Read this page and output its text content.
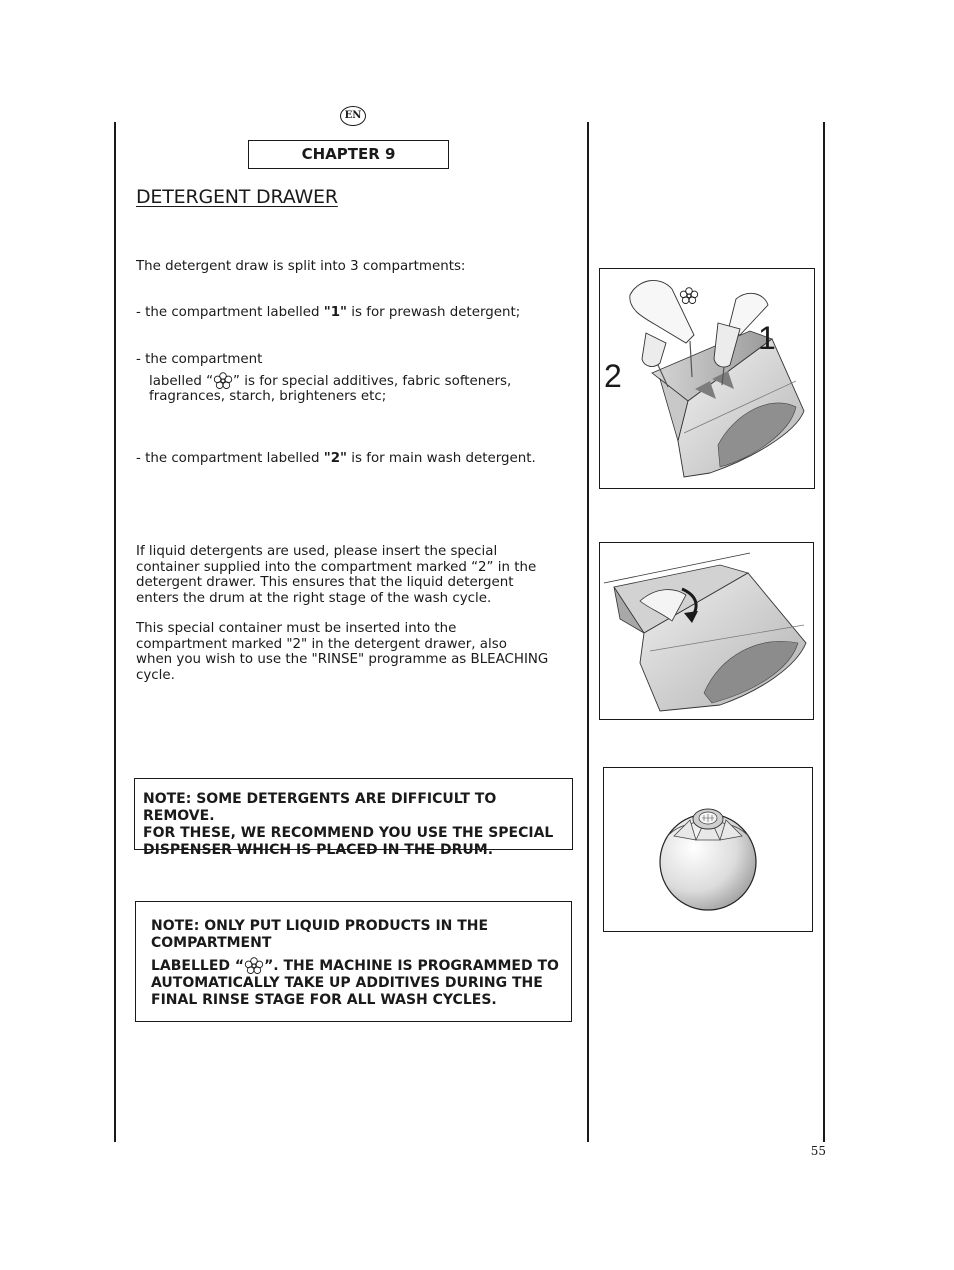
EN
CHAPTER 9
DETERGENT DRAWER
The detergent draw is split into 3 compartments:
- the compartment labelled "1" is for prewash detergent;
- the compartment
labelled “ ” is for special additives, fabric softeners,
fragrances, starch, brighteners etc;
- the compartment labelled "2" is for main wash detergent.
If liquid detergents are used, please insert the special
container supplied into the compartment marked “2” in the
detergent drawer. This ensures that the liquid detergent
enters the drum at the right stage of the wash cycle.
This special container must be inserted into the
compartment marked "2" in the detergent drawer, also
when you wish to use the "RINSE" programme as BLEACHING
cycle.
NOTE: SOME DETERGENTS ARE DIFFICULT TO REMOVE.
FOR THESE, WE RECOMMEND YOU USE THE SPECIAL
DISPENSER WHICH IS PLACED IN THE DRUM.
NOTE: ONLY PUT LIQUID PRODUCTS IN THE
COMPARTMENT
LABELLED “ ”. THE MACHINE IS PROGRAMMED TO
AUTOMATICALLY TAKE UP ADDITIVES DURING THE
FINAL RINSE STAGE FOR ALL WASH CYCLES.
1
2
55
